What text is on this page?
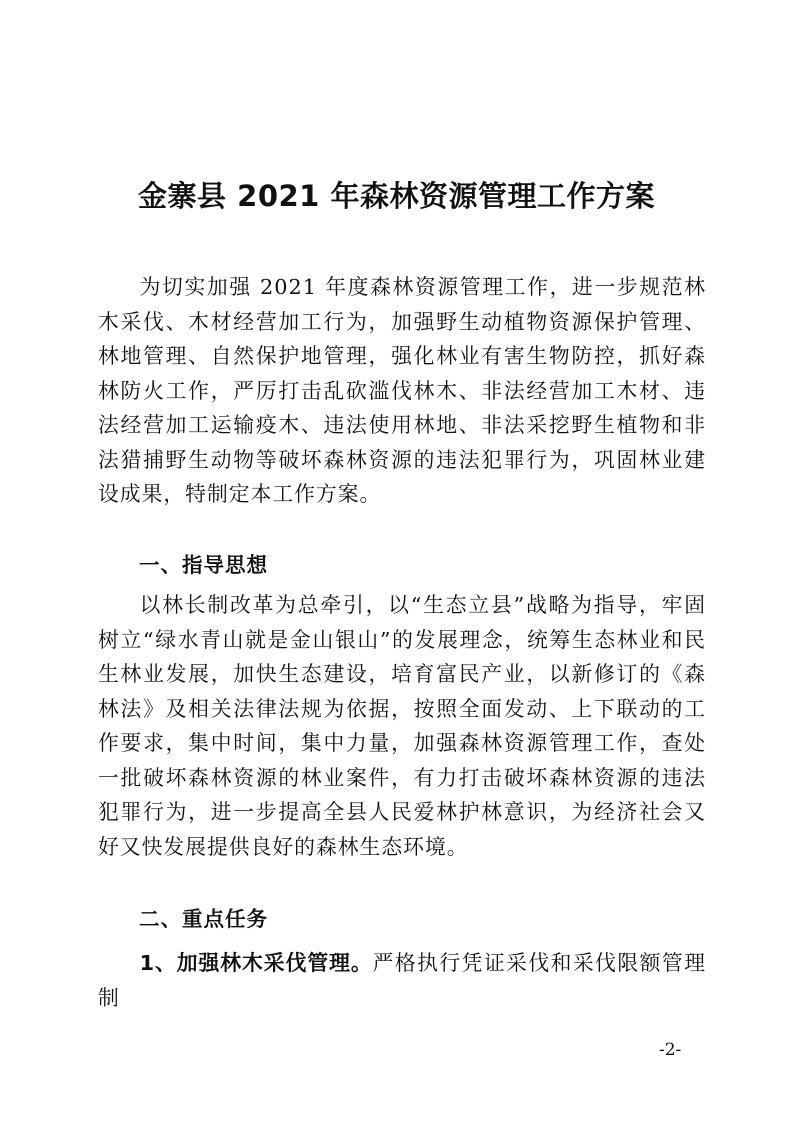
金寨县 2021 年森林资源管理工作方案

为切实加强 2021 年度森林资源管理工作，进一步规范林木采伐、木材经营加工行为，加强野生动植物资源保护管理、林地管理、自然保护地管理，强化林业有害生物防控，抓好森林防火工作，严厉打击乱砍滥伐林木、非法经营加工木材、违法经营加工运输疫木、违法使用林地、非法采挖野生植物和非法猎捕野生动物等破坏森林资源的违法犯罪行为，巩固林业建设成果，特制定本工作方案。

一、指导思想

以林长制改革为总牵引，以“生态立县”战略为指导，牢固树立“绿水青山就是金山银山”的发展理念，统筹生态林业和民生林业发展，加快生态建设，培育富民产业，以新修订的《森林法》及相关法律法规为依据，按照全面发动、上下联动的工作要求，集中时间，集中力量，加强森林资源管理工作，查处一批破坏森林资源的林业案件，有力打击破坏森林资源的违法犯罪行为，进一步提高全县人民爱林护林意识，为经济社会又好又快发展提供良好的森林生态环境。

二、重点任务

1、加强林木采伐管理。严格执行凭证采伐和采伐限额管理制

-2-
